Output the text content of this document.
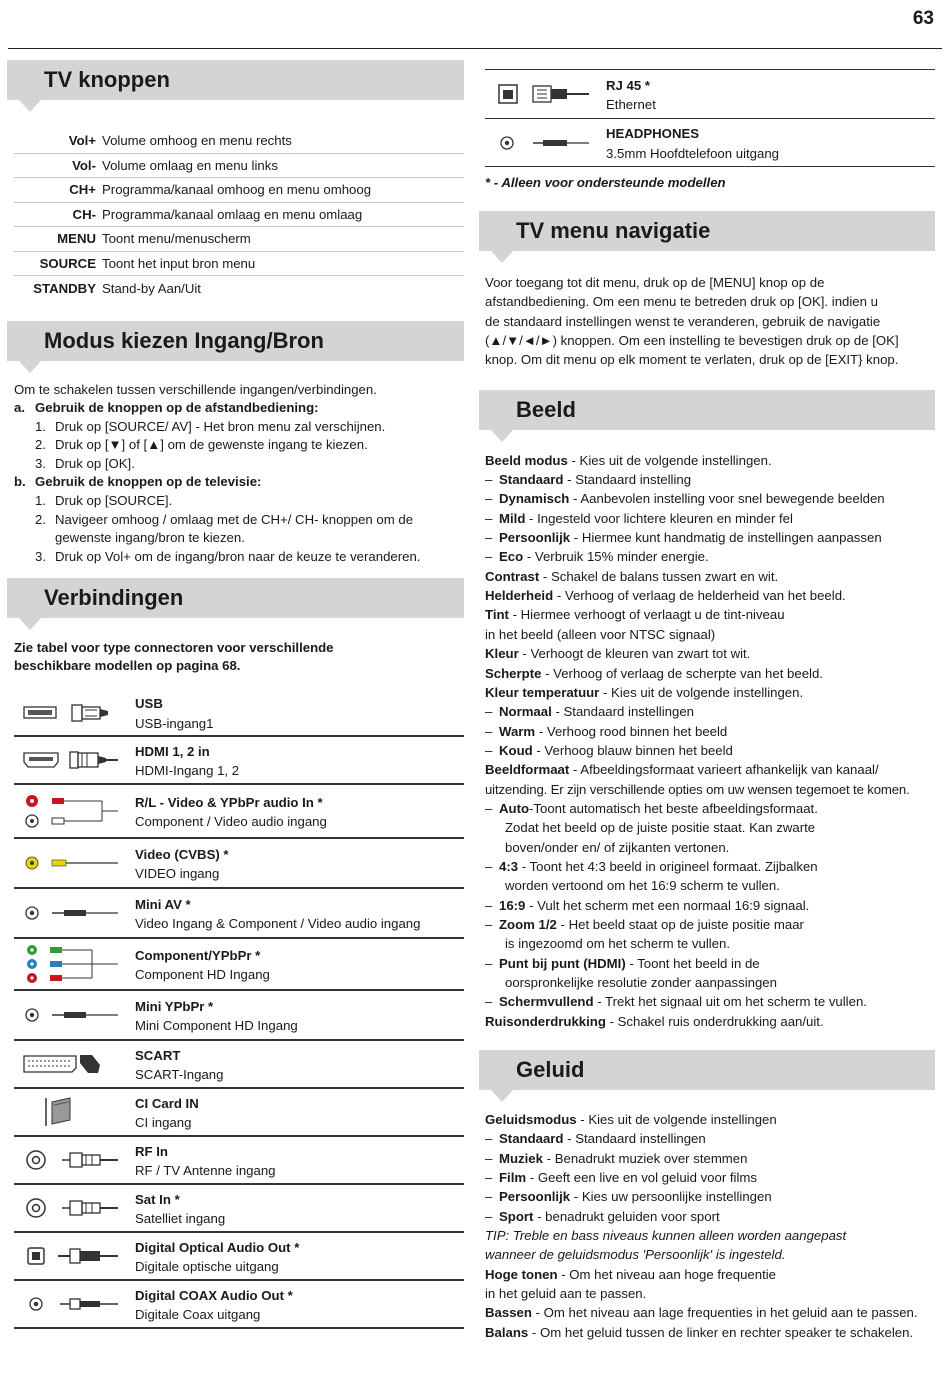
63
TV knoppen
Vol+ Volume omhoog en menu rechts
Vol- Volume omlaag en menu links
CH+ Programma/kanaal omhoog en menu omhoog
CH- Programma/kanaal omlaag en menu omlaag
MENU Toont menu/menuscherm
SOURCE Toont het input bron menu
STANDBY Stand-by Aan/Uit
Modus kiezen Ingang/Bron
Om te schakelen tussen verschillende ingangen/verbindingen.
a. Gebruik de knoppen op de afstandbediening:
1. Druk op [SOURCE/ AV] - Het bron menu zal verschijnen.
2. Druk op [▼] of [▲] om de gewenste ingang te kiezen.
3. Druk op [OK].
b. Gebruik de knoppen op de televisie:
1. Druk op [SOURCE].
2. Navigeer omhoog / omlaag met de CH+/ CH- knoppen om de
gewenste ingang/bron te kiezen.
3. Druk op Vol+ om de ingang/bron naar de keuze te veranderen.
Verbindingen
Zie tabel voor type connectoren voor verschillende
beschikbare modellen op pagina 68.
USB
USB-ingang1
HDMI 1, 2 in
HDMI-Ingang 1, 2
R/L - Video & YPbPr audio In *
Component / Video audio ingang
Video (CVBS) *
VIDEO ingang
Mini AV *
Video Ingang & Component / Video audio ingang
Component/YPbPr *
Component HD Ingang
Mini YPbPr *
Mini Component HD Ingang
SCART
SCART-Ingang
CI Card IN
CI ingang
RF In
RF / TV Antenne ingang
Sat In *
Satelliet ingang
Digital Optical Audio Out *
Digitale optische uitgang
Digital COAX Audio Out *
Digitale Coax uitgang
RJ 45 *
Ethernet
HEADPHONES
3.5mm Hoofdtelefoon uitgang
* - Alleen voor ondersteunde modellen
TV menu navigatie
Voor toegang tot dit menu, druk op de [MENU] knop op de
afstandbediening. Om een menu te betreden druk op [OK]. indien u
de standaard instellingen wenst te veranderen, gebruik de navigatie
(▲/▼/◄/►) knoppen. Om een instelling te bevestigen druk op de [OK]
knop. Om dit menu op elk moment te verlaten, druk op de [EXIT} knop.
Beeld
Beeld modus - Kies uit de volgende instellingen.
– Standaard - Standaard instelling
– Dynamisch - Aanbevolen instelling voor snel bewegende beelden
– Mild - Ingesteld voor lichtere kleuren en minder fel
– Persoonlijk - Hiermee kunt handmatig de instellingen aanpassen
– Eco - Verbruik 15% minder energie.
Contrast - Schakel de balans tussen zwart en wit.
Helderheid - Verhoog of verlaag de helderheid van het beeld.
Tint - Hiermee verhoogt of verlaagt u de tint-niveau
in het beeld (alleen voor NTSC signaal)
Kleur - Verhoogt de kleuren van zwart tot wit.
Scherpte - Verhoog of verlaag de scherpte van het beeld.
Kleur temperatuur - Kies uit de volgende instellingen.
– Normaal - Standaard instellingen
– Warm - Verhoog rood binnen het beeld
– Koud - Verhoog blauw binnen het beeld
Beeldformaat - Afbeeldingsformaat varieert afhankelijk van kanaal/
uitzending. Er zijn verschillende opties om uw wensen tegemoet te komen.
– Auto-Toont automatisch het beste afbeeldingsformaat.
Zodat het beeld op de juiste positie staat. Kan zwarte
boven/onder en/ of zijkanten vertonen.
– 4:3 - Toont het 4:3 beeld in origineel formaat. Zijbalken
worden vertoond om het 16:9 scherm te vullen.
– 16:9 - Vult het scherm met een normaal 16:9 signaal.
– Zoom 1/2 - Het beeld staat op de juiste positie maar
is ingezoomd om het scherm te vullen.
– Punt bij punt (HDMI) - Toont het beeld in de
oorspronkelijke resolutie zonder aanpassingen
– Schermvullend - Trekt het signaal uit om het scherm te vullen.
Ruisonderdrukking - Schakel ruis onderdrukking aan/uit.
Geluid
Geluidsmodus - Kies uit de volgende instellingen
– Standaard - Standaard instellingen
– Muziek - Benadrukt muziek over stemmen
– Film - Geeft een live en vol geluid voor films
– Persoonlijk - Kies uw persoonlijke instellingen
– Sport - benadrukt geluiden voor sport
TIP: Treble en bass niveaus kunnen alleen worden aangepast
wanneer de geluidsmodus 'Persoonlijk' is ingesteld.
Hoge tonen - Om het niveau aan hoge frequentie
in het geluid aan te passen.
Bassen - Om het niveau aan lage frequenties in het geluid aan te passen.
Balans - Om het geluid tussen de linker en rechter speaker te schakelen.
